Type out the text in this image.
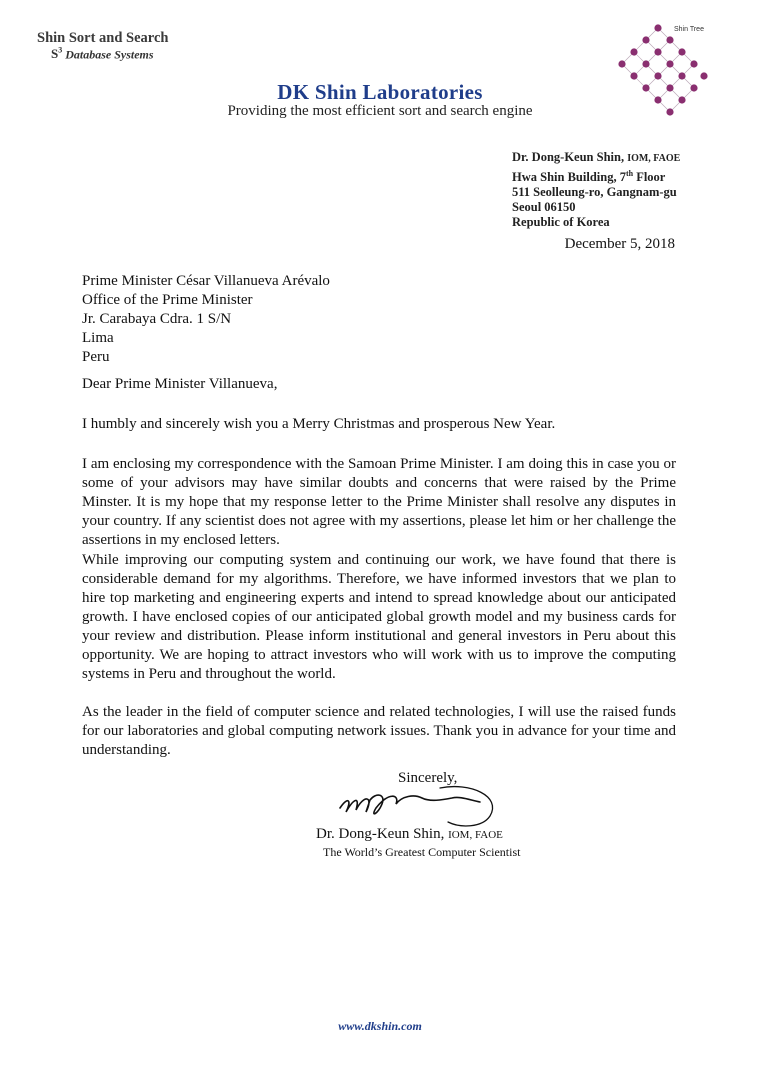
Shin Sort and Search
$S^3$ Database Systems
DK Shin Laboratories
Providing the most efficient sort and search engine
Shin Tree
Dr. Dong-Keun Shin, IOM, FAOE
Hwa Shin Building, 7th Floor
511 Seolleung-ro, Gangnam-gu
Seoul 06150
Republic of Korea
December 5, 2018
Prime Minister César Villanueva Arévalo
Office of the Prime Minister
Jr. Carabaya Cdra. 1 S/N
Lima
Peru
Dear Prime Minister Villanueva,
I humbly and sincerely wish you a Merry Christmas and prosperous New Year.
I am enclosing my correspondence with the Samoan Prime Minister. I am doing this in case you or some of your advisors may have similar doubts and concerns that were raised by the Prime Minster. It is my hope that my response letter to the Prime Minister shall resolve any disputes in your country. If any scientist does not agree with my assertions, please let him or her challenge the assertions in my enclosed letters.
While improving our computing system and continuing our work, we have found that there is considerable demand for my algorithms. Therefore, we have informed investors that we plan to hire top marketing and engineering experts and intend to spread knowledge about our anticipated growth. I have enclosed copies of our anticipated global growth model and my business cards for your review and distribution. Please inform institutional and general investors in Peru about this opportunity. We are hoping to attract investors who will work with us to improve the computing systems in Peru and throughout the world.
As the leader in the field of computer science and related technologies, I will use the raised funds for our laboratories and global computing network issues. Thank you in advance for your time and understanding.
Sincerely,
Dr. Dong-Keun Shin, IOM, FAOE
The World’s Greatest Computer Scientist
www.dkshin.com
